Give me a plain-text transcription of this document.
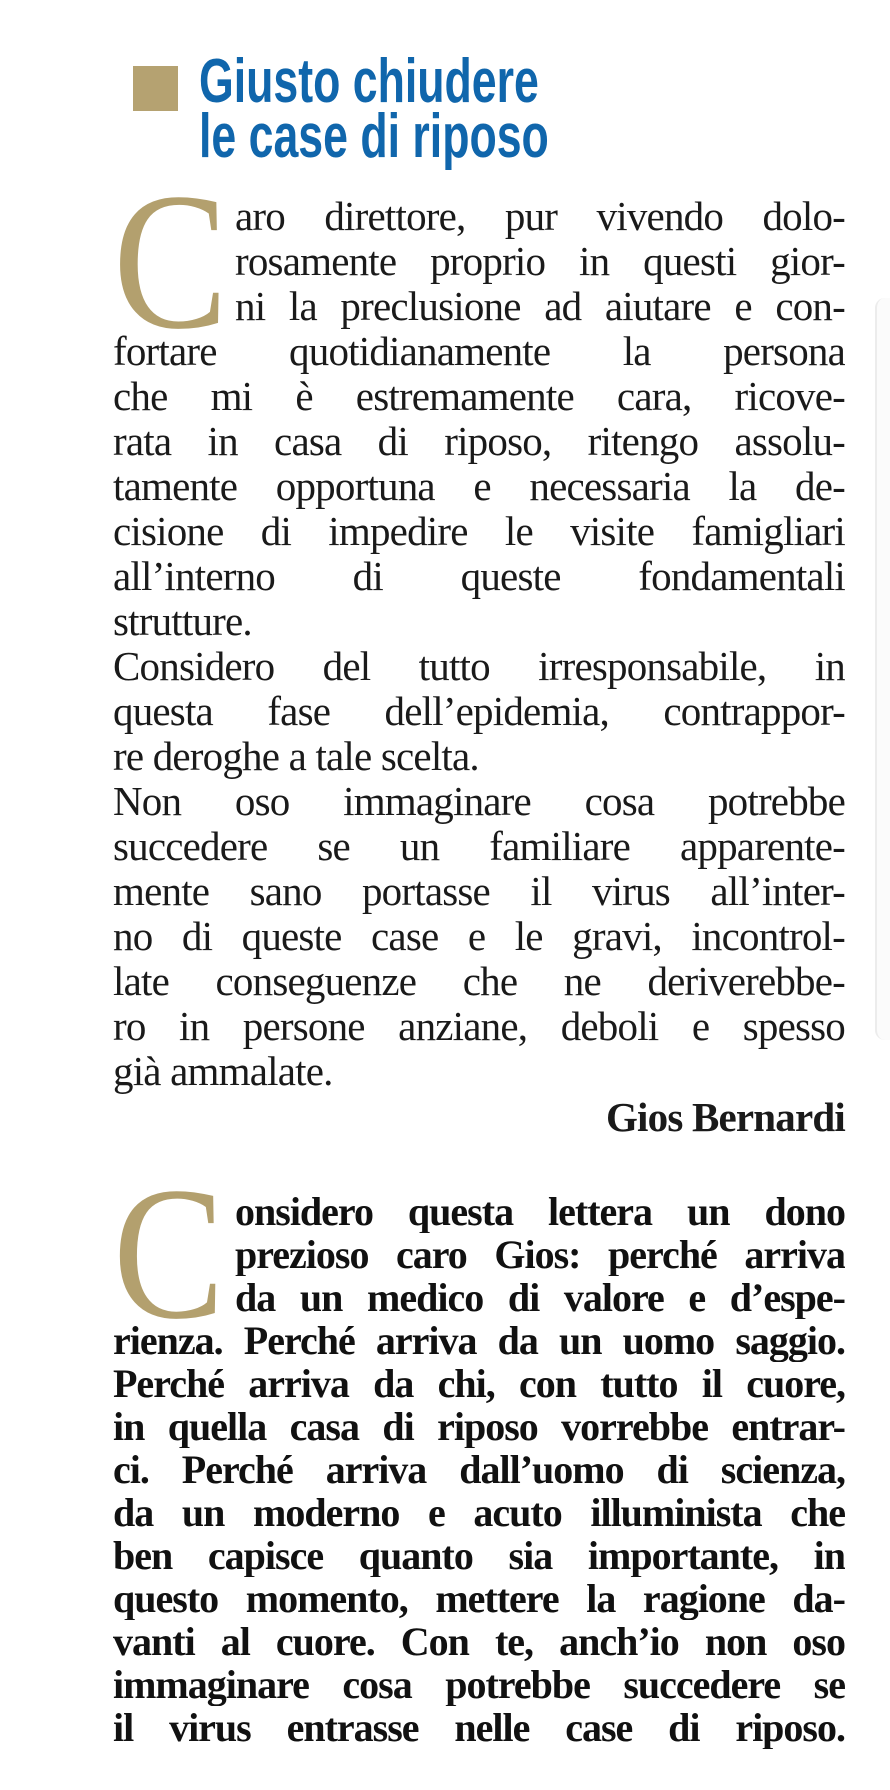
Giusto chiudere
le case di riposo
C aro direttore, pur vivendo dolo-
rosamente proprio in questi gior-
ni la preclusione ad aiutare e con-
fortare quotidianamente la persona
che mi è estremamente cara, ricove-
rata in casa di riposo, ritengo assolu-
tamente opportuna e necessaria la de-
cisione di impedire le visite famigliari
all’interno di queste fondamentali
strutture.
Considero del tutto irresponsabile, in
questa fase dell’epidemia, contrappor-
re deroghe a tale scelta.
Non oso immaginare cosa potrebbe
succedere se un familiare apparente-
mente sano portasse il virus all’inter-
no di queste case e le gravi, incontrol-
late conseguenze che ne deriverebbe-
ro in persone anziane, deboli e spesso
già ammalate.
Gios Bernardi
C onsidero questa lettera un dono
prezioso caro Gios: perché arriva
da un medico di valore e d’espe-
rienza. Perché arriva da un uomo saggio.
Perché arriva da chi, con tutto il cuore,
in quella casa di riposo vorrebbe entrar-
ci. Perché arriva dall’uomo di scienza,
da un moderno e acuto illuminista che
ben capisce quanto sia importante, in
questo momento, mettere la ragione da-
vanti al cuore. Con te, anch’io non oso
immaginare cosa potrebbe succedere se
il virus entrasse nelle case di riposo.
